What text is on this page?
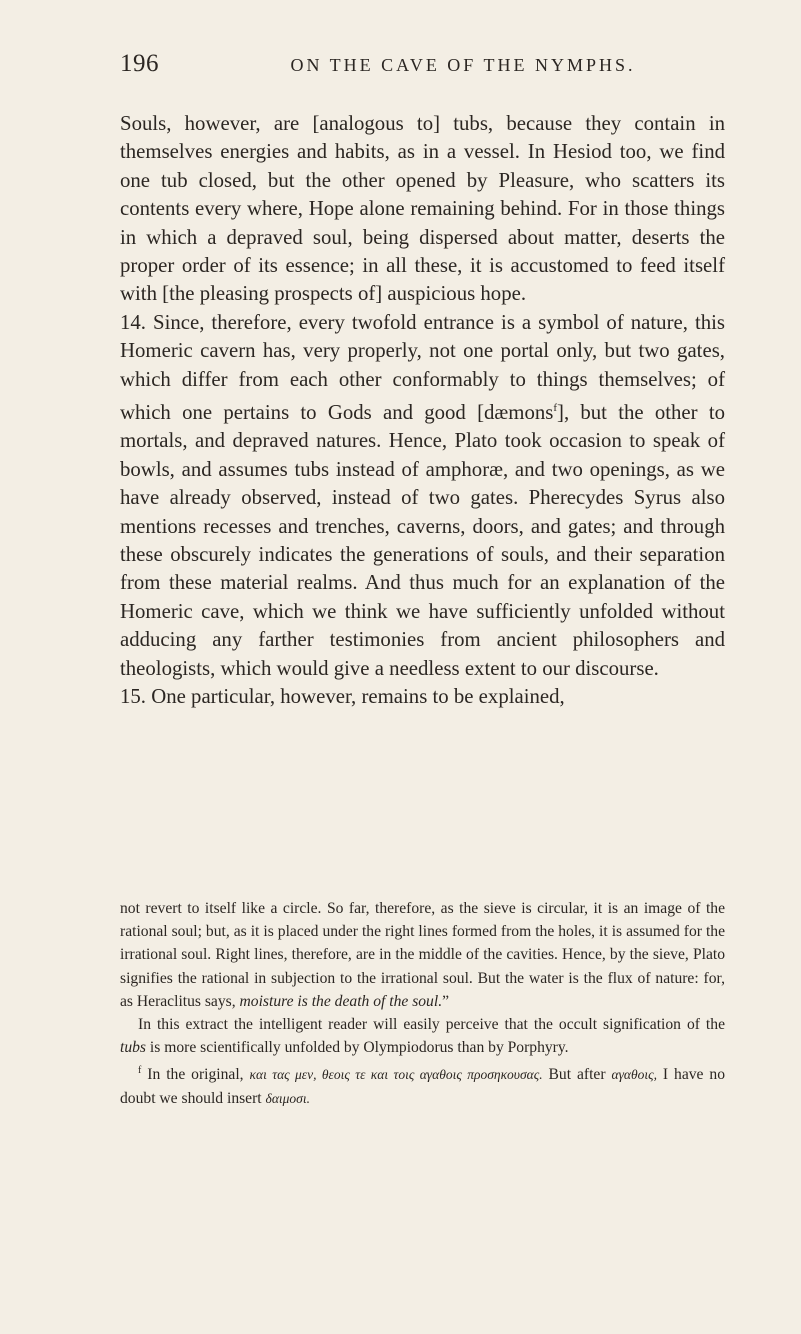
196	ON THE CAVE OF THE NYMPHS.

Souls, however, are [analogous to] tubs, because they contain in themselves energies and habits, as in a vessel. In Hesiod too, we find one tub closed, but the other opened by Pleasure, who scatters its contents every where, Hope alone remaining behind. For in those things in which a depraved soul, being dispersed about matter, deserts the proper order of its essence; in all these, it is accustomed to feed itself with [the pleasing prospects of] auspicious hope.

14. Since, therefore, every twofold entrance is a symbol of nature, this Homeric cavern has, very properly, not one portal only, but two gates, which differ from each other conformably to things themselves; of which one pertains to Gods and good [dæmons$^f$], but the other to mortals, and depraved natures. Hence, Plato took occasion to speak of bowls, and assumes tubs instead of amphoræ, and two openings, as we have already observed, instead of two gates. Pherecydes Syrus also mentions recesses and trenches, caverns, doors, and gates; and through these obscurely indicates the generations of souls, and their separation from these material realms. And thus much for an explanation of the Homeric cave, which we think we have sufficiently unfolded without adducing any farther testimonies from ancient philosophers and theologists, which would give a needless extent to our discourse.

15. One particular, however, remains to be explained,

not revert to itself like a circle. So far, therefore, as the sieve is circular, it is an image of the rational soul; but, as it is placed under the right lines formed from the holes, it is assumed for the irrational soul. Right lines, therefore, are in the middle of the cavities. Hence, by the sieve, Plato signifies the rational in subjection to the irrational soul. But the water is the flux of nature: for, as Heraclitus says, moisture is the death of the soul.”

In this extract the intelligent reader will easily perceive that the occult signification of the tubs is more scientifically unfolded by Olympiodorus than by Porphyry.

$^f$ In the original, και τας μεν, θεοις τε και τοις αγαθοις προσηκουσας. But after αγαθοις, I have no doubt we should insert δαιμοσι.
